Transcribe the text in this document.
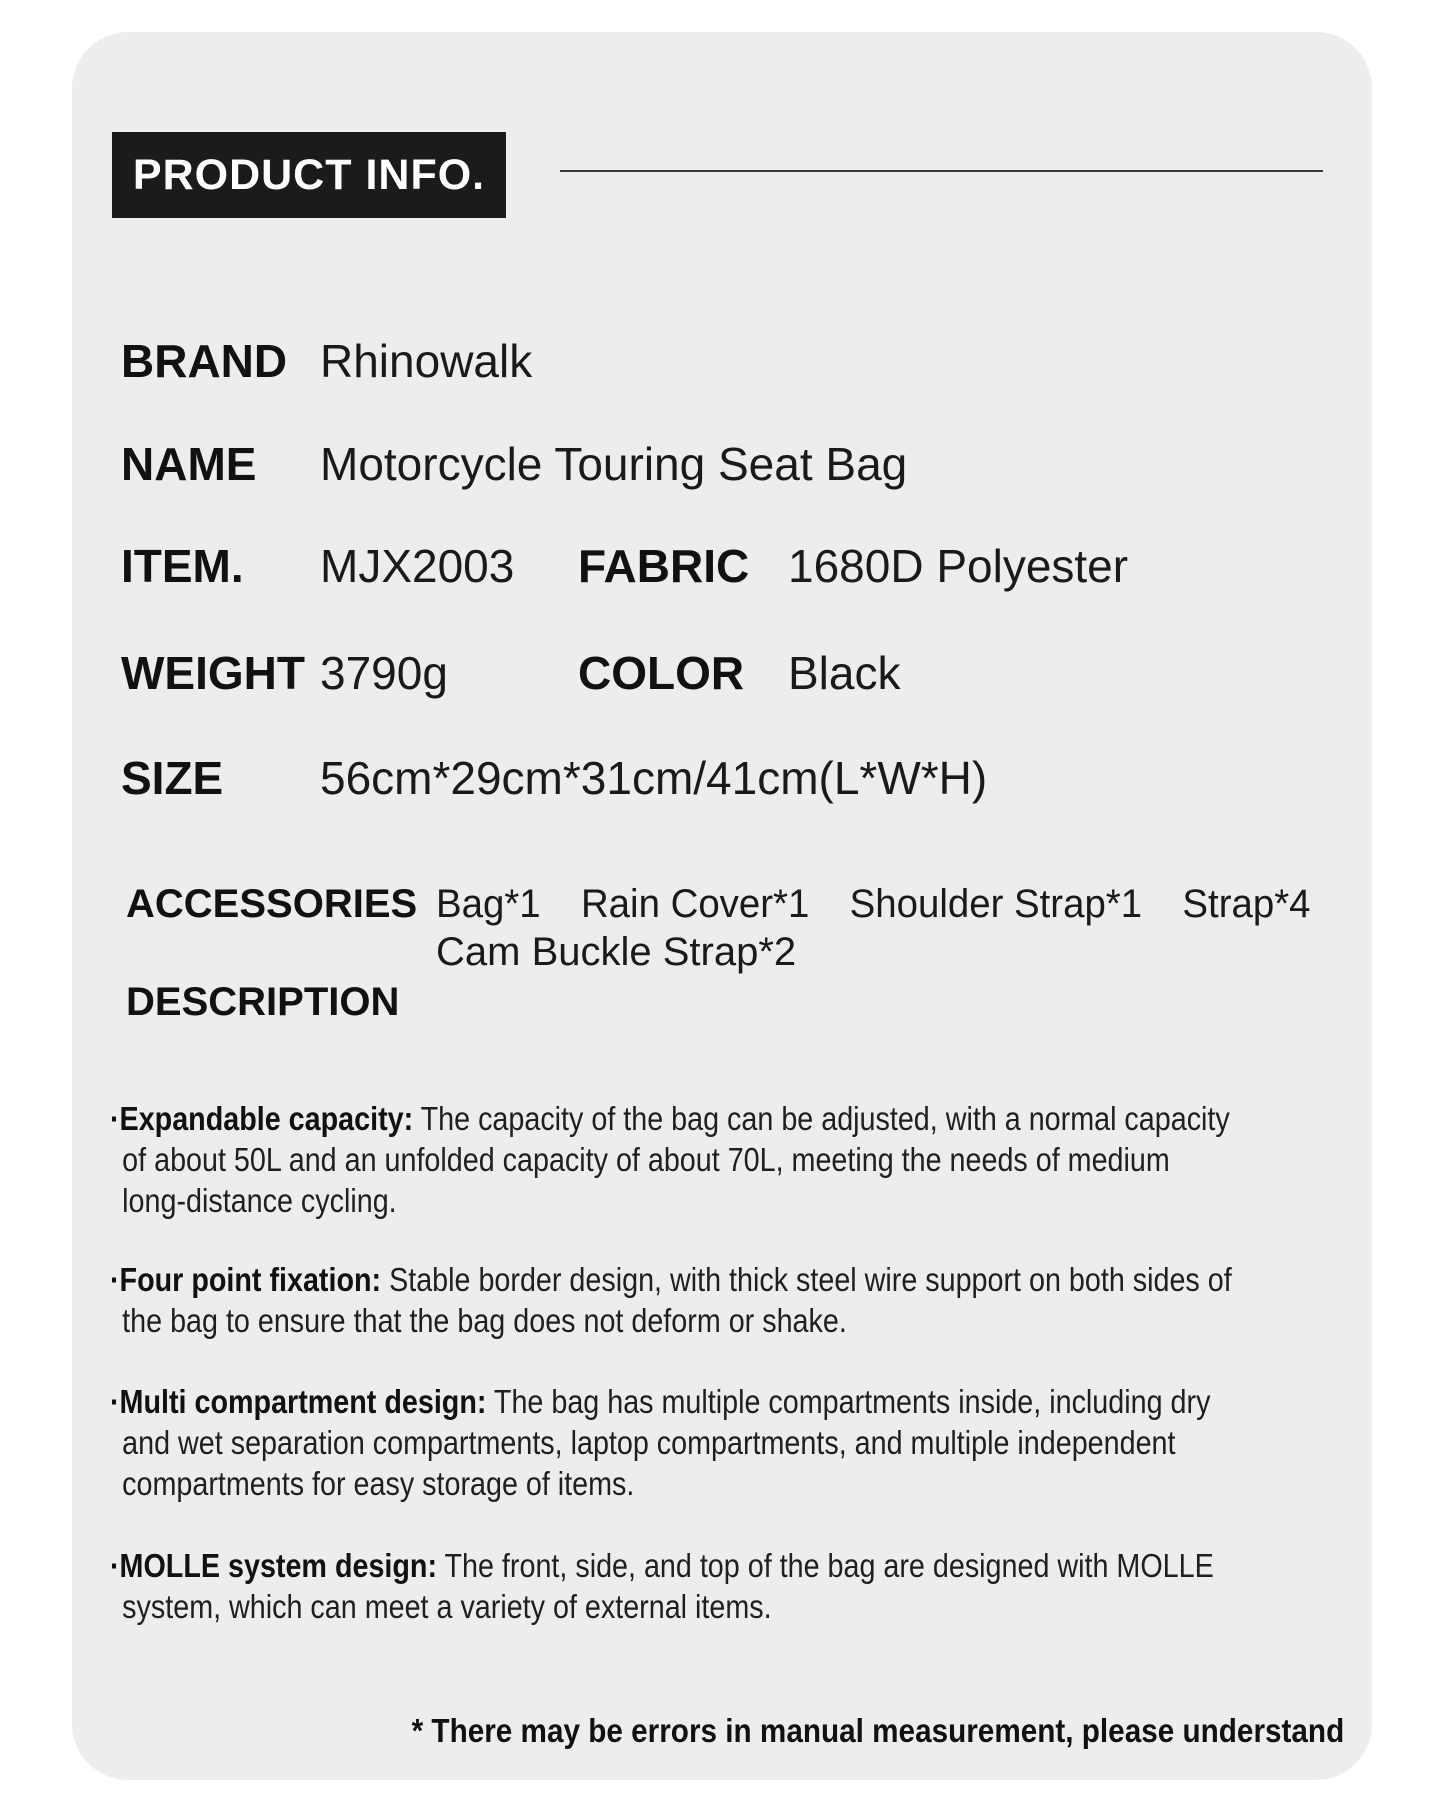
PRODUCT INFO.
BRAND Rhinowalk
NAME Motorcycle Touring Seat Bag
ITEM. MJX2003 FABRIC 1680D Polyester
WEIGHT 3790g	COLOR Black
SIZE 56cm*29cm*31cm/41cm(L*W*H)
ACCESSORIES Bag*1 Rain Cover*1 Shoulder Strap*1 Strap*4
Cam Buckle Strap*2
DESCRIPTION

·Expandable capacity: The capacity of the bag can be adjusted, with a normal capacity
of about 50L and an unfolded capacity of about 70L, meeting the needs of medium
long-distance cycling.

·Four point fixation: Stable border design, with thick steel wire support on both sides of
the bag to ensure that the bag does not deform or shake.

·Multi compartment design: The bag has multiple compartments inside, including dry
and wet separation compartments, laptop compartments, and multiple independent
compartments for easy storage of items.

·MOLLE system design: The front, side, and top of the bag are designed with MOLLE
system, which can meet a variety of external items.

* There may be errors in manual measurement, please understand
